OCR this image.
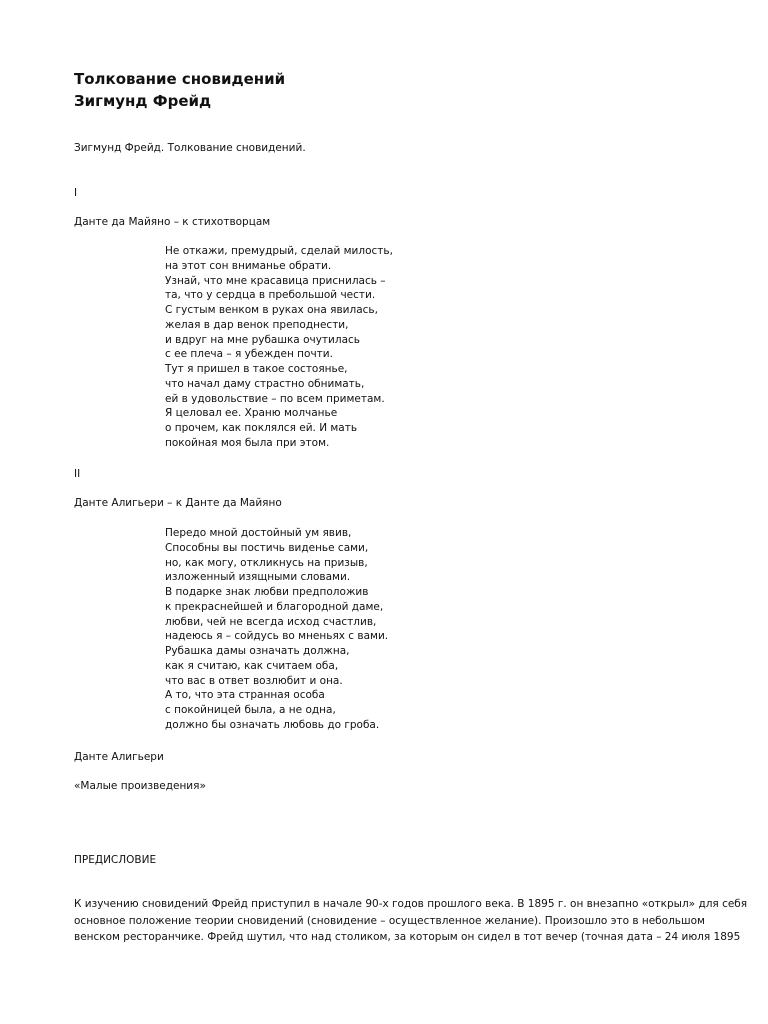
Толкование сновидений
Зигмунд Фрейд

Зигмунд Фрейд. Толкование сновидений.

I

Данте да Майяно – к стихотворцам

Не откажи, премудрый, сделай милость,
на этот сон вниманье обрати.
Узнай, что мне красавица приснилась –
та, что у сердца в пребольшой чести.
С густым венком в руках она явилась,
желая в дар венок преподнести,
и вдруг на мне рубашка очутилась
с ее плеча – я убежден почти.
Тут я пришел в такое состоянье,
что начал даму страстно обнимать,
ей в удовольствие – по всем приметам.
Я целовал ее. Храню молчанье
о прочем, как поклялся ей. И мать
покойная моя была при этом.

II

Данте Алигьери – к Данте да Майяно

Передо мной достойный ум явив,
Способны вы постичь виденье сами,
но, как могу, откликнусь на призыв,
изложенный изящными словами.
В подарке знак любви предположив
к прекраснейшей и благородной даме,
любви, чей не всегда исход счастлив,
надеюсь я – сойдусь во мненьях с вами.
Рубашка дамы означать должна,
как я считаю, как считаем оба,
что вас в ответ возлюбит и она.
А то, что эта странная особа
с покойницей была, а не одна,
должно бы означать любовь до гроба.

Данте Алигьери

«Малые произведения»

ПРЕДИСЛОВИЕ

К изучению сновидений Фрейд приступил в начале 90-х годов прошлого века. В 1895 г. он внезапно «открыл» для себя
основное положение теории сновидений (сновидение – осуществленное желание). Произошло это в небольшом
венском ресторанчике. Фрейд шутил, что над столиком, за которым он сидел в тот вечер (точная дата – 24 июля 1895
